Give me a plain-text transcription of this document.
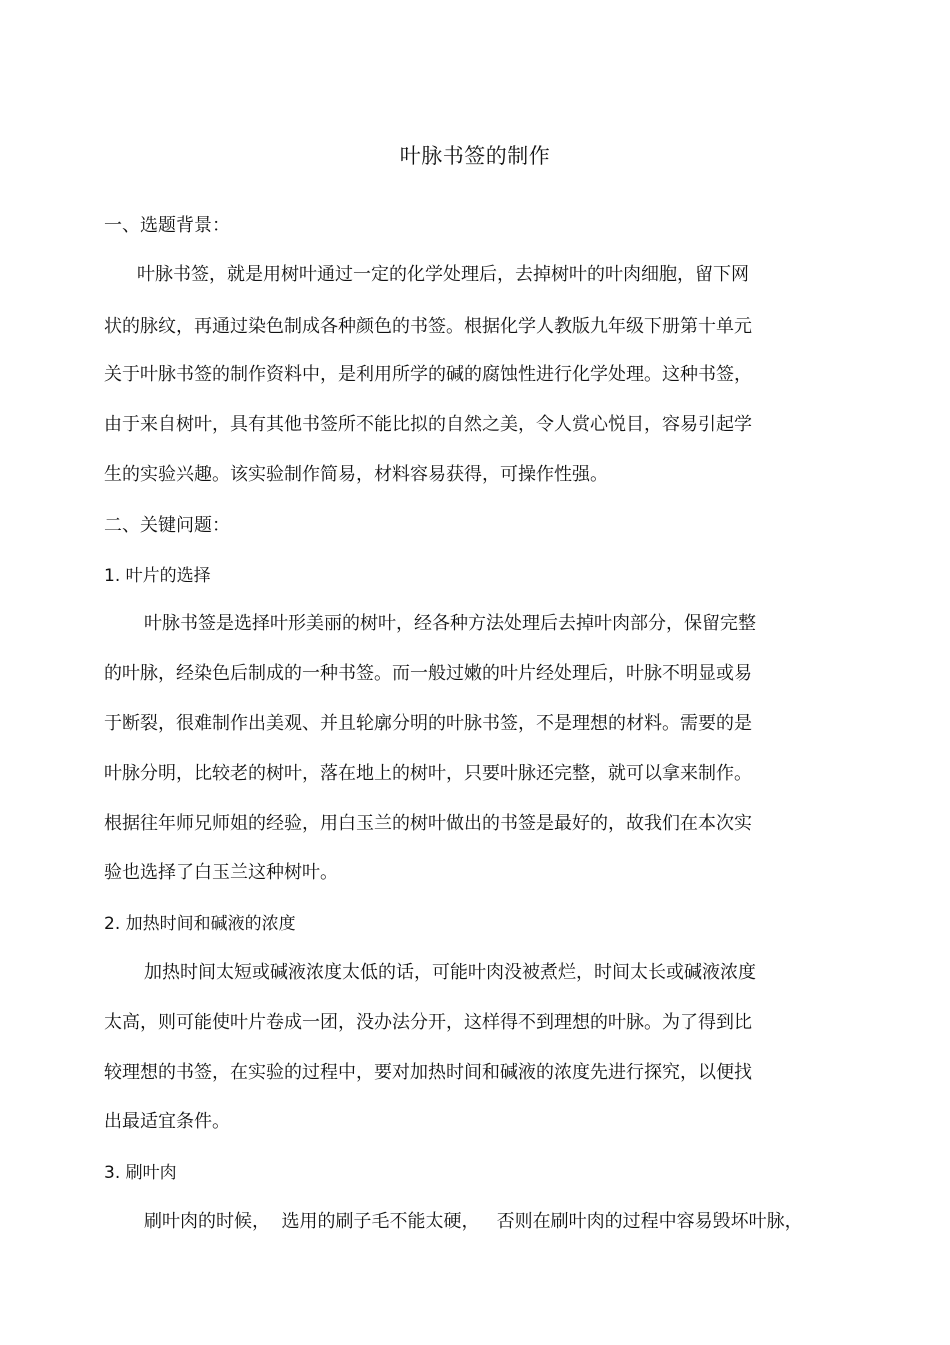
叶脉书签的制作
一、选题背景：
叶脉书签，就是用树叶通过一定的化学处理后，去掉树叶的叶肉细胞，留下网
状的脉纹，再通过染色制成各种颜色的书签。根据化学人教版九年级下册第十单元
关于叶脉书签的制作资料中，是利用所学的碱的腐蚀性进行化学处理。这种书签，
由于来自树叶，具有其他书签所不能比拟的自然之美，令人赏心悦目，容易引起学
生的实验兴趣。该实验制作简易，材料容易获得，可操作性强。
二、关键问题：
1. 叶片的选择
叶脉书签是选择叶形美丽的树叶，经各种方法处理后去掉叶肉部分，保留完整
的叶脉，经染色后制成的一种书签。而一般过嫩的叶片经处理后，叶脉不明显或易
于断裂，很难制作出美观、并且轮廓分明的叶脉书签，不是理想的材料。需要的是
叶脉分明，比较老的树叶，落在地上的树叶，只要叶脉还完整，就可以拿来制作。
根据往年师兄师姐的经验，用白玉兰的树叶做出的书签是最好的，故我们在本次实
验也选择了白玉兰这种树叶。
2. 加热时间和碱液的浓度
加热时间太短或碱液浓度太低的话，可能叶肉没被煮烂，时间太长或碱液浓度
太高，则可能使叶片卷成一团，没办法分开，这样得不到理想的叶脉。为了得到比
较理想的书签，在实验的过程中，要对加热时间和碱液的浓度先进行探究，以便找
出最适宜条件。
3. 刷叶肉
刷叶肉的时候，  选用的刷子毛不能太硬，   否则在刷叶肉的过程中容易毁坏叶脉，
